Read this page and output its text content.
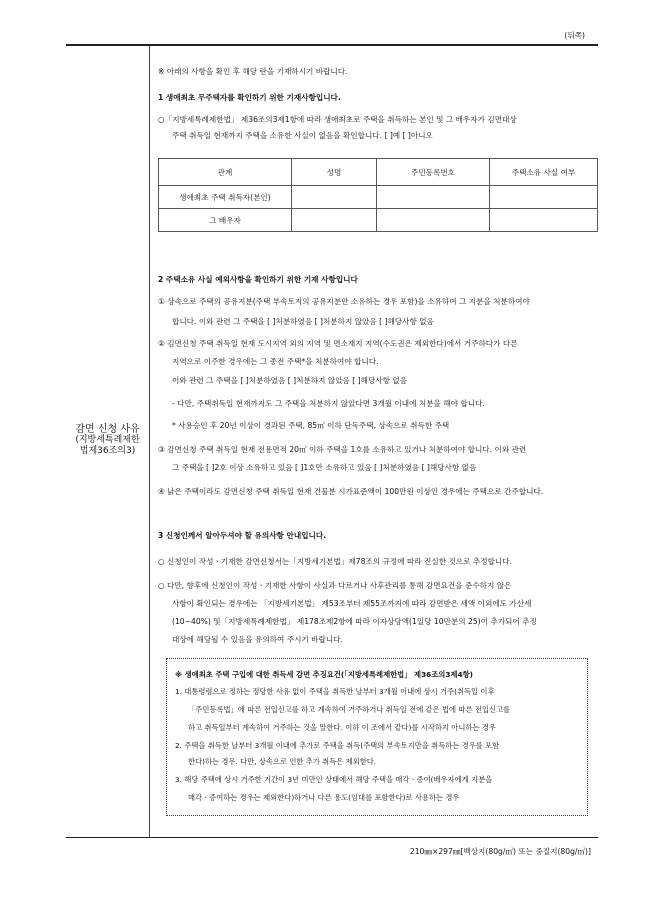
(뒤쪽)
감면 신청 사유
(지방세특례제한
법제36조의3)
※ 아래의 사항을 확인 후 해당 란을 기재하시기 바랍니다.
1 생애최초 무주택자를 확인하기 위한 기재사항입니다.
○「지방세특례제한법」 제36조의3제1항에 따라 생애최초로 주택을 취득하는 본인 및 그 배우자가 김면대상
주택 취득일 현재까지 주택을 소유한 사실이 없음을 확인합니다. [ ]예 [ ]아니오
관계	성명	주민등록번호	주택소유 사실 여부
생애최초 주택 취득자(본인)			
그 배우자			
2 주택소유 사실 예외사항을 확인하기 위한 기재 사항입니다
① 상속으로 주택의 공유지분(주택 부속토지의 공유지분만 소유하는 경우 포함)을 소유하여 그 지분을 처분하여야
합니다. 이와 관련 그 주택을 [ ]처분하였음 [ ]처분하지 않았음 [ ]해당사항 없음
② 김면신청 주택 취득일 현재 도시지역 외의 지역 및 면소재지 지역(수도권은 제외한다)에서 거주하다가 다른
지역으로 이주한 경우에는 그 종전 주택*을 처분하여야 합니다.
이와 관련 그 주택을 [ ]처분하였음 [ ]처분하지 않았음 [ ]해당사항 없음
- 다만, 주택취득일 현재까지도 그 주택을 처분하지 않았다면 3개월 이내에 처분을 해야 합니다.
* 사용승인 후 20년 이상이 경과된 주택, 85㎡ 이하 단독주택, 상속으로 취득한 주택
③ 감면신청 주택 취득일 현재 전용면적 20㎡ 이하 주택을 1호를 소유하고 있거나 처분하여야 합니다. 이와 관련
그 주택을 [ ]2호 이상 소유하고 있음 [ ]1호만 소유하고 있음 [ ]처분하였음 [ ]해당사항 없음
④ 낡은 주택이라도 감면신청 주택 취득일 현재 건물분 시가표준액이 100만원 이상인 경우에는 주택으로 간주합니다.
3 신청인께서 알아두셔야 할 유의사항 안내입니다.
○ 신청인이 작성ㆍ기재한 감면신청서는「지방세기본법」제78조의 규정에 따라 진실한 것으로 추정합니다.
○ 다만, 향후에 신청인이 작성ㆍ기재한 사항이 사실과 다르거나 사후관리를 통해 감면요건을 준수하지 않은
사항이 확인되는 경우에는 「지방세기본법」 제53조부터 제55조까지에 따라 감면받은 세액 이외에도 가산세
(10~40%) 및「지방세특례제한법」 제178조제2항에 따라 이자상당액(1일당 10만분의 25)이 추가되어 추징
대상에 해당될 수 있음을 유의하여 주시기 바랍니다.
※ 생애최초 주택 구입에 대한 취득세 감면 추징요건(「지방세특례제한법」 제36조의3제4항)
1. 대통령령으로 정하는 정당한 사유 없이 주택을 취득한 날부터 3개월 이내에 상시 거주(취득일 이후
「주민등록법」에 따른 전입신고를 하고 계속하여 거주하거나 취득일 전에 같은 법에 따른 전입신고를
하고 취득일부터 계속하여 거주하는 것을 말한다. 이하 이 조에서 같다)를 시작하지 아니하는 경우
2. 주택을 취득한 날부터 3개월 이내에 추가로 주택을 취득(주택의 부속토지만을 취득하는 경우를 포함
한다)하는 경우. 다만, 상속으로 인한 추가 취득은 제외한다.
3. 해당 주택에 상시 거주한 기간이 3년 미만인 상태에서 해당 주택을 매각ㆍ증여(배우자에게 지분을
매각ㆍ증여하는 경우는 제외한다)하거나 다른 용도(임대를 포함한다)로 사용하는 경우
210㎜×297㎜[백상지(80g/㎡) 또는 중질지(80g/㎡)]
